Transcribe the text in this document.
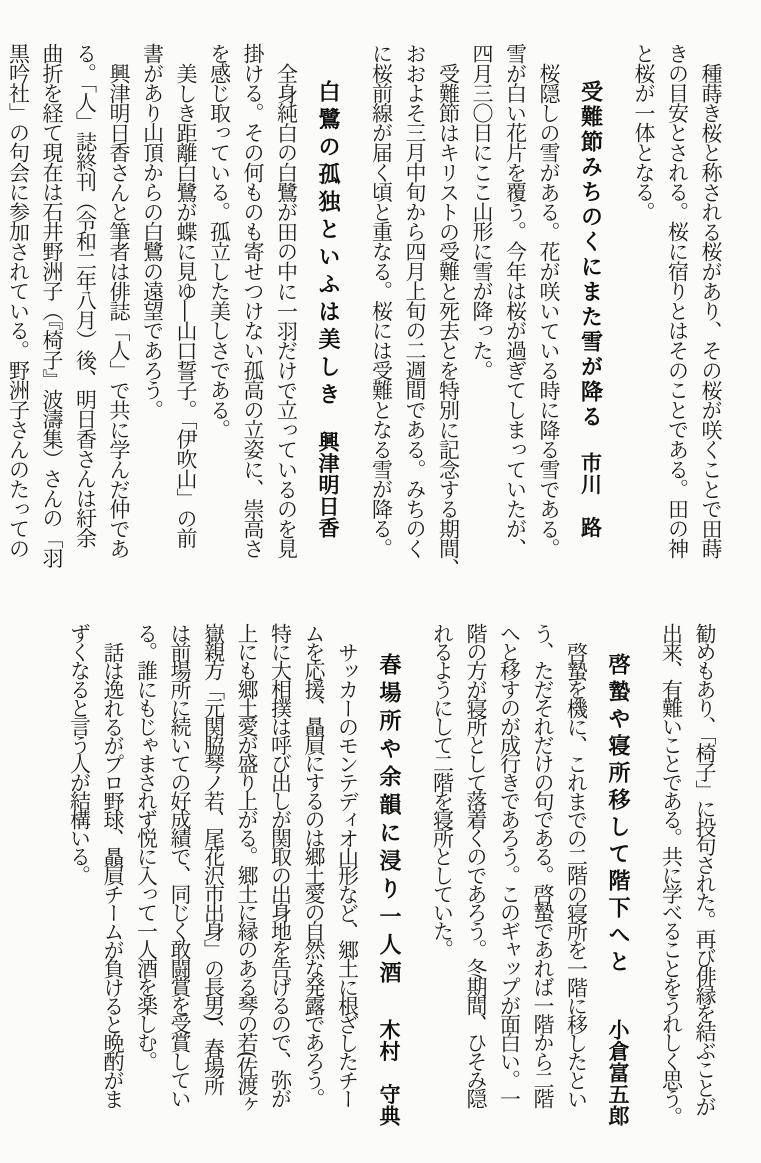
種蒔き桜と称される桜があり、その桜が咲くことで田蒔

きの目安とされる。桜に宿りとはそのことである。田の神

と桜が一体となる。

受難節みちのくにまた雪が降る
市川　路

桜隠しの雪がある。花が咲いている時に降る雪である。

雪が白い花片を覆う。今年は桜が過ぎてしまっていたが、

四月三〇日にここ山形に雪が降った。

受難節はキリストの受難と死去とを特別に記念する期間、

おおよそ三月中旬から四月上旬の二週間である。みちのく

に桜前線が届く頃と重なる。桜には受難となる雪が降る。

白鷺の孤独といふは美しき
興津明日香

全身純白の白鷺が田の中に一羽だけで立っているのを見

掛ける。その何ものも寄せつけない孤高の立姿に、崇高さ

を感じ取っている。孤立した美しさである。

美しき距離白鷺が蝶に見ゆ―山口誓子。「伊吹山」の前

書があり山頂からの白鷺の遠望であろう。

興津明日香さんと筆者は俳誌「人」で共に学んだ仲であ

る。「人」誌終刊（令和二年八月）後、明日香さんは紆余

曲折を経て現在は石井野洲子（『椅子』波濤集）さんの「羽

黒吟社」の句会に参加されている。野洲子さんのたっての

勧めもあり、「椅子」に投句された。再び俳縁を結ぶことが

出来、有難いことである。共に学べることをうれしく思う。

啓蟄や寝所移して階下へと
小倉富五郎

啓蟄を機に、これまでの二階の寝所を一階に移したとい

う、ただそれだけの句である。啓蟄であれば一階から二階

へと移すのが成行きであろう。このギャップが面白い。一

階の方が寝所として落着くのであろう。冬期間、ひそみ隠

れるようにして二階を寝所としていた。

春場所や余韻に浸り一人酒
木村　守典

サッカーのモンテディオ山形など、郷土に根ざしたチー

ムを応援、贔屓にするのは郷土愛の自然な発露であろう。

特に大相撲は呼び出しが関取の出身地を告げるので、弥が

上にも郷土愛が盛り上がる。郷土に縁のある琴の若(佐渡ヶ

嶽親方「元関脇琴ノ若、尾花沢市出身」の長男)、春場所

は前場所に続いての好成績で、同じく敢闘賞を受賞してい

る。誰にもじゃまされず悦に入って一人酒を楽しむ。

話は逸れるがプロ野球、贔屓チームが負けると晩酌がま

ずくなると言う人が結構いる。
